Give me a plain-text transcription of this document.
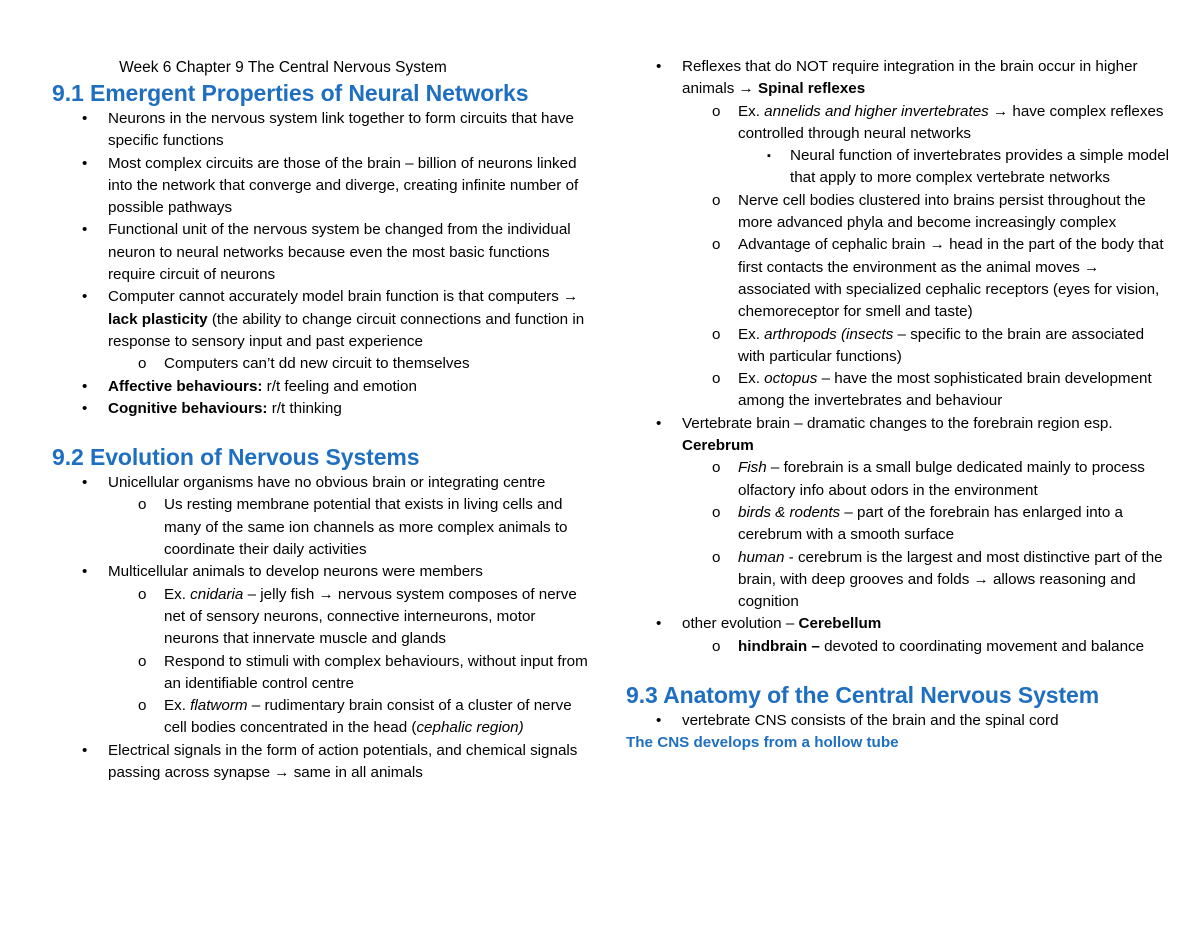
Week 6 Chapter 9 The Central Nervous System
9.1 Emergent Properties of Neural Networks
• Neurons in the nervous system link together to form circuits that have specific functions
• Most complex circuits are those of the brain – billion of neurons linked into the network that converge and diverge, creating infinite number of possible pathways
• Functional unit of the nervous system be changed from the individual neuron to neural networks because even the most basic functions require circuit of neurons
• Computer cannot accurately model brain function is that computers → lack plasticity (the ability to change circuit connections and function in response to sensory input and past experience
o Computers can’t dd new circuit to themselves
• Affective behaviours: r/t feeling and emotion
• Cognitive behaviours: r/t thinking
9.2 Evolution of Nervous Systems
• Unicellular organisms have no obvious brain or integrating centre
o Us resting membrane potential that exists in living cells and many of the same ion channels as more complex animals to coordinate their daily activities
• Multicellular animals to develop neurons were members
o Ex. cnidaria – jelly fish → nervous system composes of nerve net of sensory neurons, connective interneurons, motor neurons that innervate muscle and glands
o Respond to stimuli with complex behaviours, without input from an identifiable control centre
o Ex. flatworm – rudimentary brain consist of a cluster of nerve cell bodies concentrated in the head (cephalic region)
• Electrical signals in the form of action potentials, and chemical signals passing across synapse → same in all animals
• Reflexes that do NOT require integration in the brain occur in higher animals → Spinal reflexes
o Ex. annelids and higher invertebrates → have complex reflexes controlled through neural networks
▪ Neural function of invertebrates provides a simple model that apply to more complex vertebrate networks
o Nerve cell bodies clustered into brains persist throughout the more advanced phyla and become increasingly complex
o Advantage of cephalic brain → head in the part of the body that first contacts the environment as the animal moves → associated with specialized cephalic receptors (eyes for vision, chemoreceptor for smell and taste)
o Ex. arthropods (insects – specific to the brain are associated with particular functions)
o Ex. octopus – have the most sophisticated brain development among the invertebrates and behaviour
• Vertebrate brain – dramatic changes to the forebrain region esp. Cerebrum
o Fish – forebrain is a small bulge dedicated mainly to process olfactory info about odors in the environment
o birds & rodents – part of the forebrain has enlarged into a cerebrum with a smooth surface
o human - cerebrum is the largest and most distinctive part of the brain, with deep grooves and folds → allows reasoning and cognition
• other evolution – Cerebellum
o hindbrain – devoted to coordinating movement and balance
9.3 Anatomy of the Central Nervous System
• vertebrate CNS consists of the brain and the spinal cord
The CNS develops from a hollow tube
